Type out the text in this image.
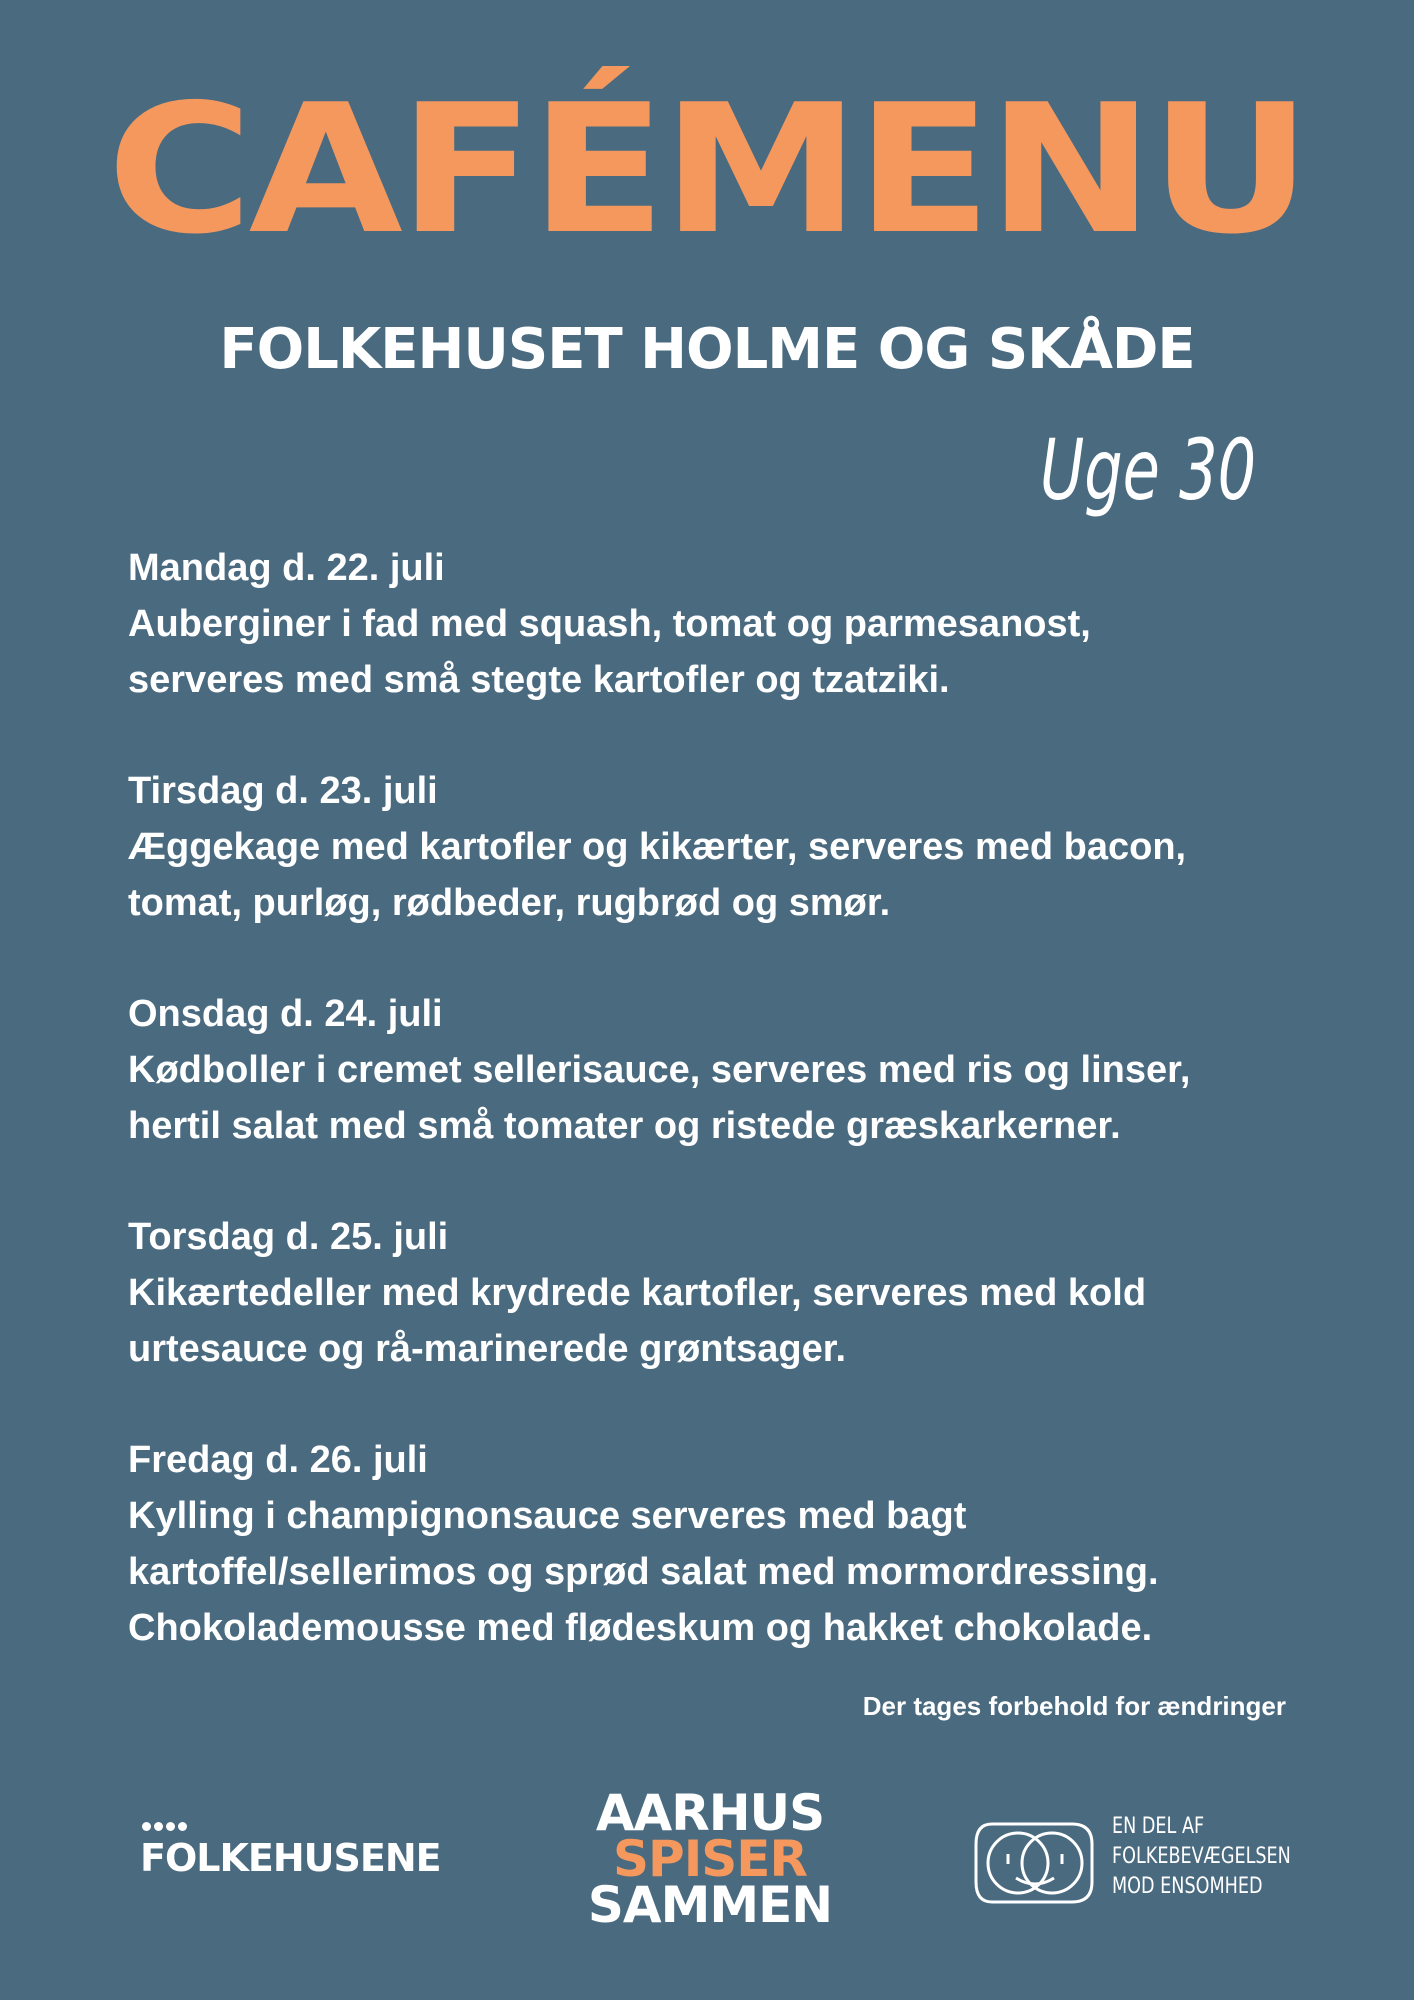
CAFÉMENU
FOLKEHUSET HOLME OG SKÅDE
Uge 30
Mandag d. 22. juli
Auberginer i fad med squash, tomat og parmesanost,
serveres med små stegte kartofler og tzatziki.
Tirsdag d. 23. juli
Æggekage med kartofler og kikærter, serveres med bacon,
tomat, purløg, rødbeder, rugbrød og smør.
Onsdag d. 24. juli
Kødboller i cremet sellerisauce, serveres med ris og linser,
hertil salat med små tomater og ristede græskarkerner.
Torsdag d. 25. juli
Kikærtedeller med krydrede kartofler, serveres med kold
urtesauce og rå-marinerede grøntsager.
Fredag d. 26. juli
Kylling i champignonsauce serveres med bagt
kartoffel/sellerimos og sprød salat med mormordressing.
Chokolademousse med flødeskum og hakket chokolade.
Der tages forbehold for ændringer
FOLKEHUSENE
AARHUS
SPISER
SAMMEN
EN DEL AF
FOLKEBEVÆGELSEN
MOD ENSOMHED
